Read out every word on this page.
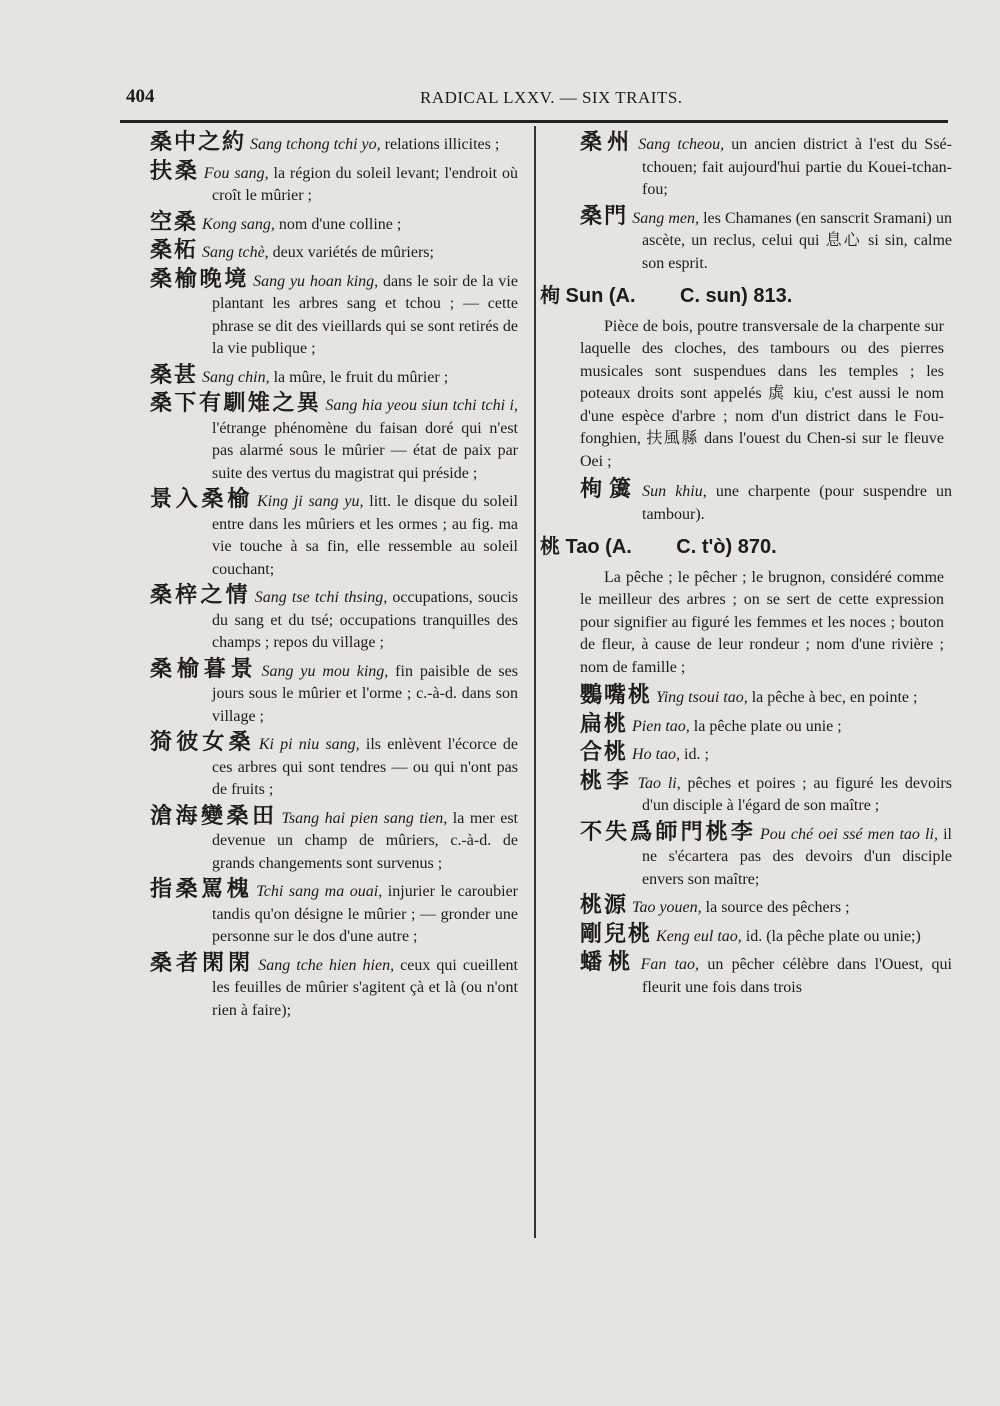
404	RADICAL LXXV. — SIX TRAITS.
桑中之約 Sang tchong tchi yo, relations illicites ;
扶桑 Fou sang, la région du soleil levant; l'endroit où croît le mûrier ;
空桑 Kong sang, nom d'une colline ;
桑柘 Sang tchè, deux variétés de mûriers;
桑榆晚境 Sang yu hoan king, dans le soir de la vie plantant les arbres sang et tchou ; — cette phrase se dit des vieillards qui se sont retirés de la vie publique ;
桑甚 Sang chin, la mûre, le fruit du mûrier ;
桑下有馴雉之異 Sang hia yeou siun tchi tchi i, l'étrange phénomène du faisan doré qui n'est pas alarmé sous le mûrier — état de paix par suite des vertus du magistrat qui préside ;
景入桑榆 King ji sang yu, litt. le disque du soleil entre dans les mûriers et les ormes ; au fig. ma vie touche à sa fin, elle ressemble au soleil couchant;
桑梓之情 Sang tse tchi thsing, occupations, soucis du sang et du tsé; occupations tranquilles des champs ; repos du village ;
桑榆暮景 Sang yu mou king, fin paisible de ses jours sous le mûrier et l'orme ; c.-à-d. dans son village ;
猗彼女桑 Ki pi niu sang, ils enlèvent l'écorce de ces arbres qui sont tendres — ou qui n'ont pas de fruits ;
滄海變桑田 Tsang hai pien sang tien, la mer est devenue un champ de mûriers, c.-à-d. de grands changements sont survenus ;
指桑罵槐 Tchi sang ma ouai, injurier le caroubier tandis qu'on désigne le mûrier ; — gronder une personne sur le dos d'une autre ;
桑者閑閑 Sang tche hien hien, ceux qui cueillent les feuilles de mûrier s'agitent çà et là (ou n'ont rien à faire);
桑州 Sang tcheou, un ancien district à l'est du Ssé-tchouen; fait aujourd'hui partie du Kouei-tchan-fou;
桑門 Sang men, les Chamanes (en sanscrit Sramani) un ascète, un reclus, celui qui 息心 si sin, calme son esprit.
栒 Sun (A.        C. sun) 813.
Pièce de bois, poutre transversale de la charpente sur laquelle des cloches, des tambours ou des pierres musicales sont suspendues dans les temples ; les poteaux droits sont appelés 虡 kiu, c'est aussi le nom d'une espèce d'arbre ; nom d'un district dans le Fou-fonghien, 扶風縣 dans l'ouest du Chen-si sur le fleuve Oei ;
栒簴 Sun khiu, une charpente (pour suspendre un tambour).
桃 Tao (A.        C. t'ò) 870.
La pêche ; le pêcher ; le brugnon, considéré comme le meilleur des arbres ; on se sert de cette expression pour signifier au figuré les femmes et les noces ; bouton de fleur, à cause de leur rondeur ; nom d'une rivière ; nom de famille ;
鸚嘴桃 Ying tsoui tao, la pêche à bec, en pointe ;
扁桃 Pien tao, la pêche plate ou unie ;
合桃 Ho tao, id. ;
桃李 Tao li, pêches et poires ; au figuré les devoirs d'un disciple à l'égard de son maître ;
不失爲師門桃李 Pou ché oei ssé men tao li, il ne s'écartera pas des devoirs d'un disciple envers son maître;
桃源 Tao youen, la source des pêchers ;
剛兒桃 Keng eul tao, id. (la pêche plate ou unie;)
蟠桃 Fan tao, un pêcher célèbre dans l'Ouest, qui fleurit une fois dans trois
